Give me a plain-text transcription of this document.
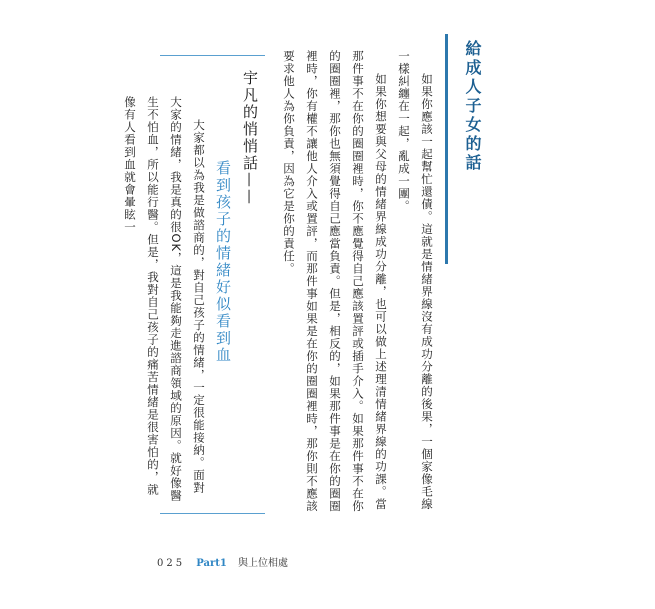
給成人子女的話

如果你應該一起幫忙還債。這就是情緒界線沒有成功分離的後果，一個家像毛線一樣糾纏在一起，亂成一團。

如果你想要與父母的情緒界線成功分離，也可以做上述理清情緒界線的功課。當那件事不在你的圈圈裡時，你不應覺得自己應該置評或插手介入。如果那件事不在你的圈圈裡，那你也無須覺得自己應當負責。但是，相反的，如果那件事是在你的圈圈裡時，你有權不讓他人介入或置評，而那件事如果是在你的圈圈裡時，那你則不應該要求他人為你負責，因為它是你的責任。

宇凡的悄悄話——
看到孩子的情緒好似看到血

大家都以為我是做諮商的，對自己孩子的情緒，一定很能接納。面對大家的情緒，我是真的很OK，這是我能夠走進諮商領域的原因。就好像醫生不怕血，所以能行醫。但是，我對自己孩子的痛苦情緒是很害怕的，就像有人看到血就會暈眩一

025 Part1 與上位相處
